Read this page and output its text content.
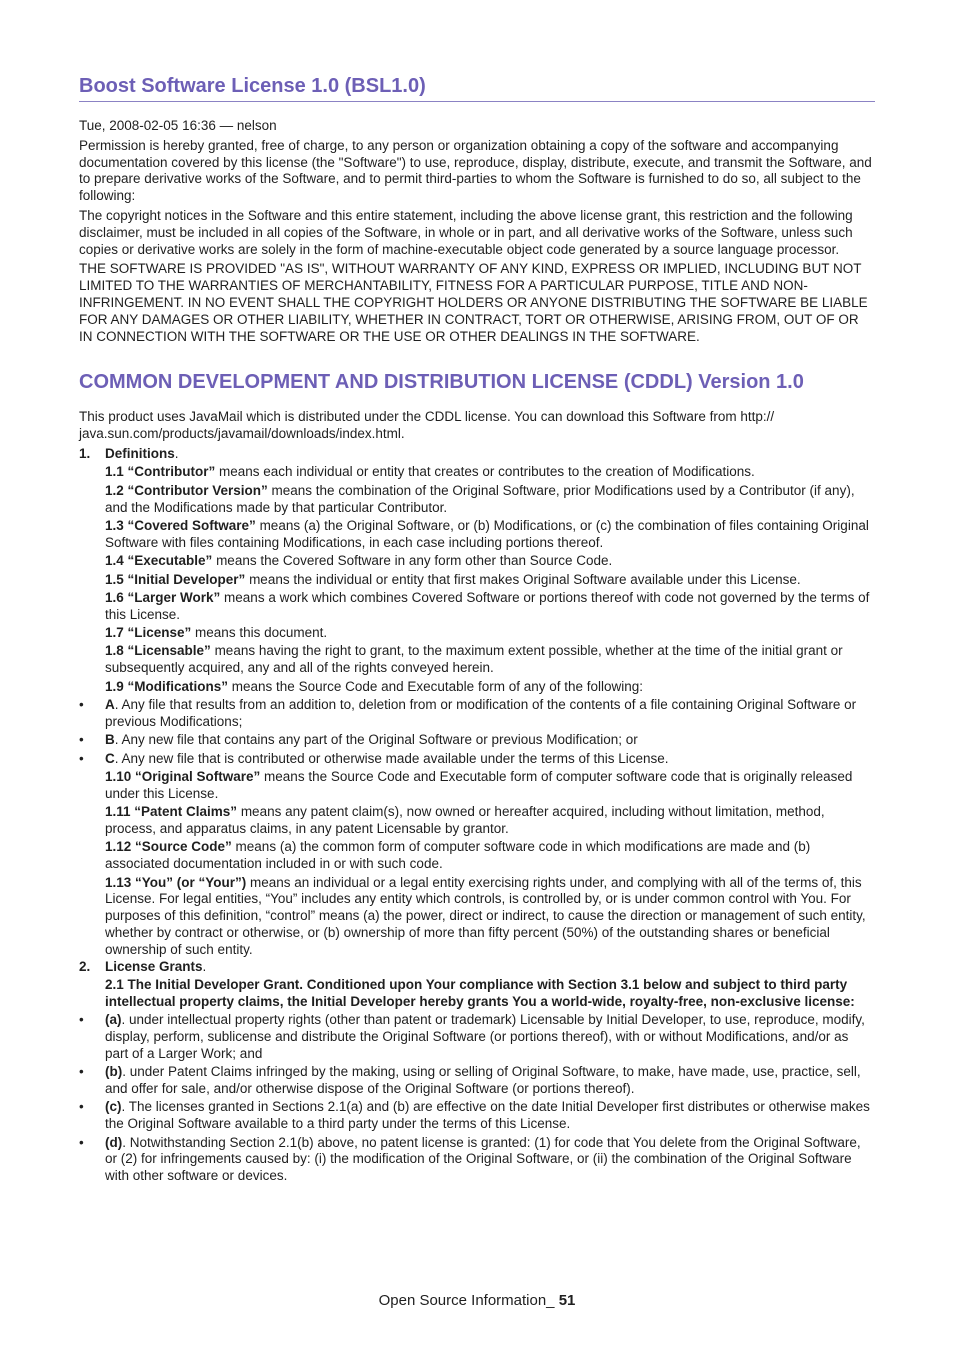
Boost Software License 1.0 (BSL1.0)

Tue, 2008-02-05 16:36 — nelson

Permission is hereby granted, free of charge, to any person or organization obtaining a copy of the software and accompanying documentation covered by this license (the "Software") to use, reproduce, display, distribute, execute, and transmit the Software, and to prepare derivative works of the Software, and to permit third-parties to whom the Software is furnished to do so, all subject to the following:

The copyright notices in the Software and this entire statement, including the above license grant, this restriction and the following disclaimer, must be included in all copies of the Software, in whole or in part, and all derivative works of the Software, unless such copies or derivative works are solely in the form of machine-executable object code generated by a source language processor.

THE SOFTWARE IS PROVIDED "AS IS", WITHOUT WARRANTY OF ANY KIND, EXPRESS OR IMPLIED, INCLUDING BUT NOT LIMITED TO THE WARRANTIES OF MERCHANTABILITY, FITNESS FOR A PARTICULAR PURPOSE, TITLE AND NON-INFRINGEMENT. IN NO EVENT SHALL THE COPYRIGHT HOLDERS OR ANYONE DISTRIBUTING THE SOFTWARE BE LIABLE FOR ANY DAMAGES OR OTHER LIABILITY, WHETHER IN CONTRACT, TORT OR OTHERWISE, ARISING FROM, OUT OF OR IN CONNECTION WITH THE SOFTWARE OR THE USE OR OTHER DEALINGS IN THE SOFTWARE.

COMMON DEVELOPMENT AND DISTRIBUTION LICENSE (CDDL) Version 1.0

This product uses JavaMail which is distributed under the CDDL license. You can download this Software from http:// java.sun.com/products/javamail/downloads/index.html.

1.	Definitions.

1.1 “Contributor” means each individual or entity that creates or contributes to the creation of Modifications.

1.2 “Contributor Version” means the combination of the Original Software, prior Modifications used by a Contributor (if any), and the Modifications made by that particular Contributor.

1.3 “Covered Software” means (a) the Original Software, or (b) Modifications, or (c) the combination of files containing Original Software with files containing Modifications, in each case including portions thereof.

1.4 “Executable” means the Covered Software in any form other than Source Code.

1.5 “Initial Developer” means the individual or entity that first makes Original Software available under this License.

1.6 “Larger Work” means a work which combines Covered Software or portions thereof with code not governed by the terms of this License.

1.7 “License” means this document.

1.8 “Licensable” means having the right to grant, to the maximum extent possible, whether at the time of the initial grant or subsequently acquired, any and all of the rights conveyed herein.

1.9 “Modifications” means the Source Code and Executable form of any of the following:

•	A. Any file that results from an addition to, deletion from or modification of the contents of a file containing Original Software or previous Modifications;
•	B. Any new file that contains any part of the Original Software or previous Modification; or
•	C. Any new file that is contributed or otherwise made available under the terms of this License.

1.10 “Original Software” means the Source Code and Executable form of computer software code that is originally released under this License.

1.11 “Patent Claims” means any patent claim(s), now owned or hereafter acquired, including without limitation, method, process, and apparatus claims, in any patent Licensable by grantor.

1.12 “Source Code” means (a) the common form of computer software code in which modifications are made and (b) associated documentation included in or with such code.

1.13 “You” (or “Your”) means an individual or a legal entity exercising rights under, and complying with all of the terms of, this License. For legal entities, “You” includes any entity which controls, is controlled by, or is under common control with You. For purposes of this definition, “control” means (a) the power, direct or indirect, to cause the direction or management of such entity, whether by contract or otherwise, or (b) ownership of more than fifty percent (50%) of the outstanding shares or beneficial ownership of such entity.

2.	License Grants.

2.1 The Initial Developer Grant. Conditioned upon Your compliance with Section 3.1 below and subject to third party intellectual property claims, the Initial Developer hereby grants You a world-wide, royalty-free, non-exclusive license:

•	(a). under intellectual property rights (other than patent or trademark) Licensable by Initial Developer, to use, reproduce, modify, display, perform, sublicense and distribute the Original Software (or portions thereof), with or without Modifications, and/or as part of a Larger Work; and
•	(b). under Patent Claims infringed by the making, using or selling of Original Software, to make, have made, use, practice, sell, and offer for sale, and/or otherwise dispose of the Original Software (or portions thereof).
•	(c). The licenses granted in Sections 2.1(a) and (b) are effective on the date Initial Developer first distributes or otherwise makes the Original Software available to a third party under the terms of this License.
•	(d). Notwithstanding Section 2.1(b) above, no patent license is granted: (1) for code that You delete from the Original Software, or (2) for infringements caused by: (i) the modification of the Original Software, or (ii) the combination of the Original Software with other software or devices.
Open Source Information_ 51
